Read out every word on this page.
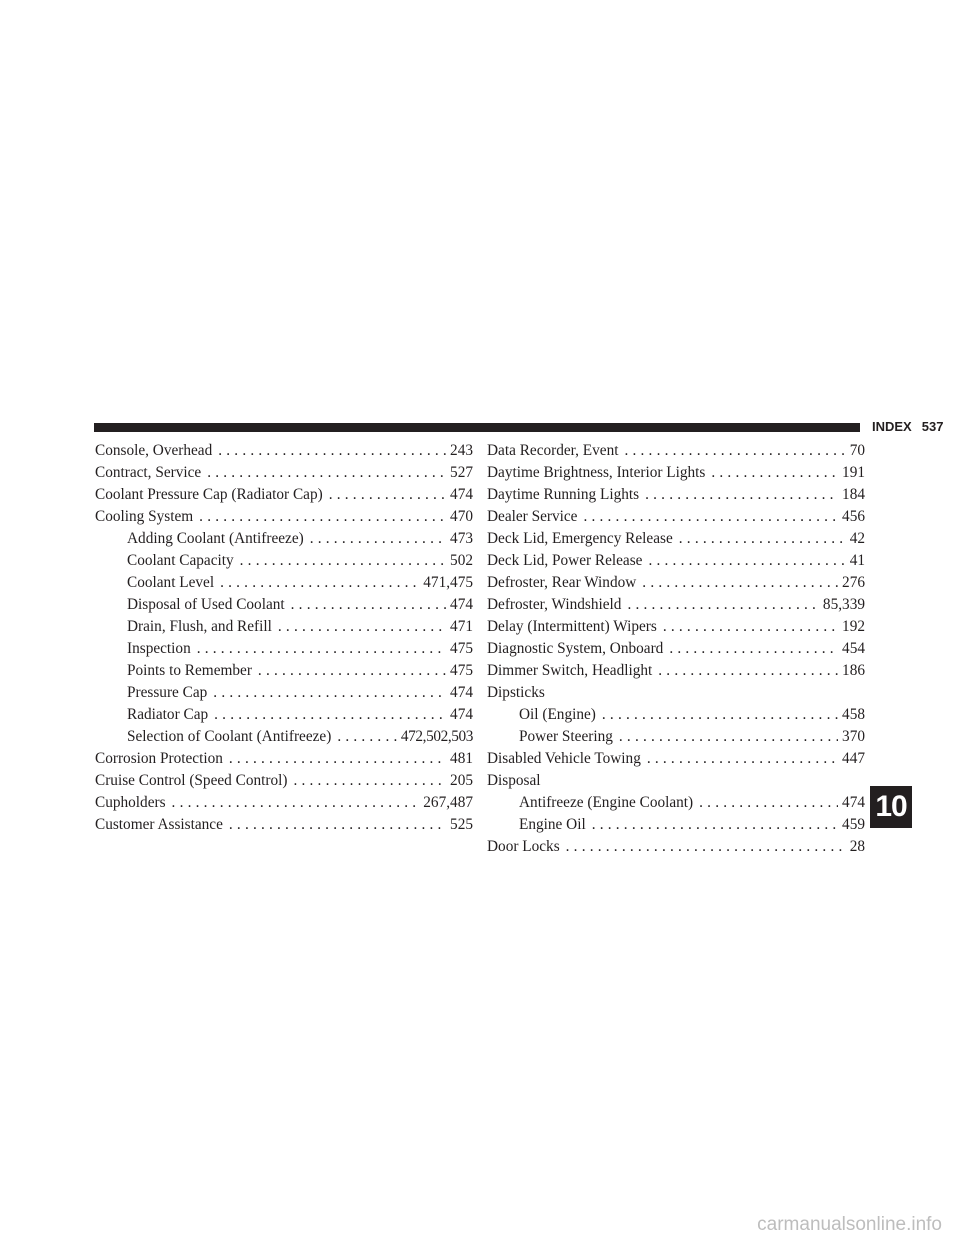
INDEX 537
Console, Overhead .....	243
Contract, Service .....	527
Coolant Pressure Cap (Radiator Cap) .....	474
Cooling System .....	470
Adding Coolant (Antifreeze) .....	473
Coolant Capacity .....	502
Coolant Level .....	471,475
Disposal of Used Coolant .....	474
Drain, Flush, and Refill .....	471
Inspection .....	475
Points to Remember .....	475
Pressure Cap .....	474
Radiator Cap .....	474
Selection of Coolant (Antifreeze) .....	472,502,503
Corrosion Protection .....	481
Cruise Control (Speed Control) .....	205
Cupholders .....	267,487
Customer Assistance .....	525
Data Recorder, Event .....	70
Daytime Brightness, Interior Lights .....	191
Daytime Running Lights .....	184
Dealer Service .....	456
Deck Lid, Emergency Release .....	42
Deck Lid, Power Release .....	41
Defroster, Rear Window .....	276
Defroster, Windshield .....	85,339
Delay (Intermittent) Wipers .....	192
Diagnostic System, Onboard .....	454
Dimmer Switch, Headlight .....	186
Dipsticks
Oil (Engine) .....	458
Power Steering .....	370
Disabled Vehicle Towing .....	447
Disposal
Antifreeze (Engine Coolant) .....	474
Engine Oil .....	459
Door Locks .....	28
10
carmanualsonline.info
